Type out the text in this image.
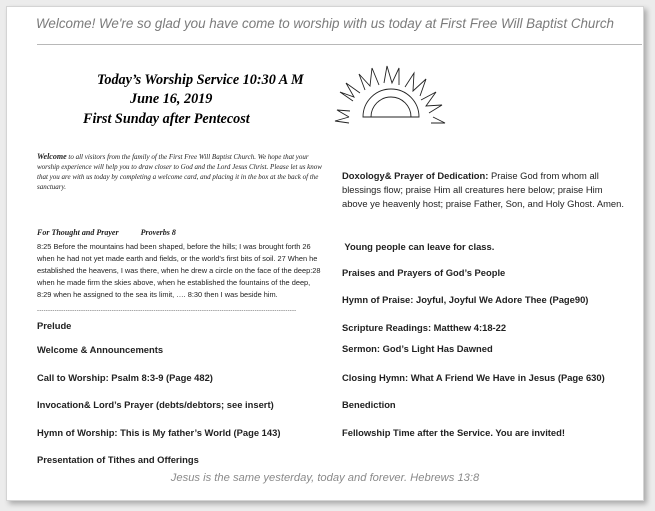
Welcome! We're so glad you have come to worship with us today at First Free Will Baptist Church
Today’s Worship Service 10:30 A M
June 16, 2019
First Sunday after Pentecost
Welcome to all visitors from the family of the First Free Will Baptist Church. We hope that your worship experience will help you to draw closer to God and the Lord Jesus Christ. Please let us know that you are with us today by completing a welcome card, and placing it in the box at the back of the sanctuary.
For Thought and Prayer	Proverbs 8
8:25 Before the mountains had been shaped, before the hills; I was brought forth 26 when he had not yet made earth and fields, or the world's first bits of soil. 27 When he established the heavens, I was there, when he drew a circle on the face of the deep:28 when he made firm the skies above, when he established the fountains of the deep, 8:29 when he assigned to the sea its limit, …. 8:30 then I was beside him.
----------------------------------------------------------------------------------------------------------------------
Prelude
Welcome & Announcements
Call to Worship: Psalm 8:3-9 (Page 482)
Invocation& Lord’s Prayer (debts/debtors; see insert)
Hymn of Worship: This is My father’s World (Page 143)
Presentation of Tithes and Offerings
Doxology& Prayer of Dedication: Praise God from whom all blessings flow; praise Him all creatures here below; praise Him above ye heavenly host; praise Father, Son, and Holy Ghost. Amen.
Young people can leave for class.
Praises and Prayers of God’s People
Hymn of Praise: Joyful, Joyful We Adore Thee (Page90)
Scripture Readings: Matthew 4:18-22
Sermon: God’s Light Has Dawned
Closing Hymn: What A Friend We Have in Jesus (Page 630)
Benediction
Fellowship Time after the Service. You are invited!
Jesus is the same yesterday, today and forever. Hebrews 13:8
